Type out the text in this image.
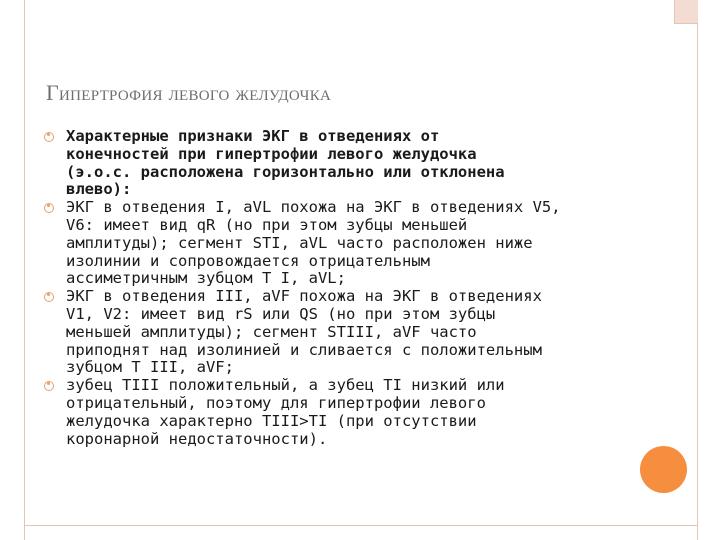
Гипертрофия левого желудочка
Характерные признаки ЭКГ в отведениях от
конечностей при гипертрофии левого желудочка
(э.о.с. расположена горизонтально или отклонена
влево):
ЭКГ в отведения I, aVL похожа на ЭКГ в отведениях V5,
V6: имеет вид qR (но при этом зубцы меньшей
амплитуды); сегмент STI, aVL часто расположен ниже
изолинии и сопровождается отрицательным
ассиметричным зубцом T I, aVL;
ЭКГ в отведения III, aVF похожа на ЭКГ в отведениях
V1, V2: имеет вид rS или QS (но при этом зубцы
меньшей амплитуды); сегмент STIII, aVF часто
приподнят над изолинией и сливается с положительным
зубцом T III, aVF;
зубец TIII положительный, а зубец TI низкий или
отрицательный, поэтому для гипертрофии левого
желудочка характерно TIII>TI (при отсутствии
коронарной недостаточности).
